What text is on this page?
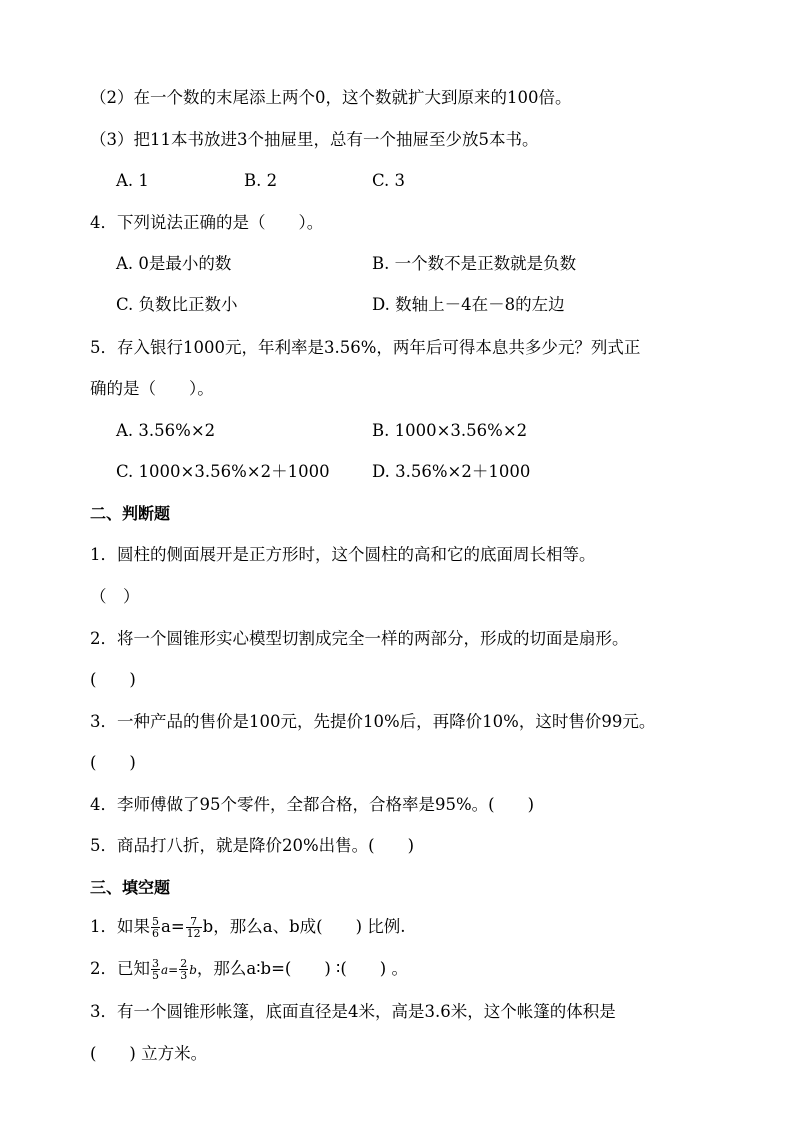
（2）在一个数的末尾添上两个0，这个数就扩大到原来的100倍。
（3）把11本书放进3个抽屉里，总有一个抽屉至少放5本书。
A. 1	B. 2	C. 3
4．下列说法正确的是（　　）。
A. 0是最小的数	B. 一个数不是正数就是负数
C. 负数比正数小	D. 数轴上－4在－8的左边
5．存入银行1000元，年利率是3.56%，两年后可得本息共多少元？列式正
确的是（　　）。
A. 3.56%×2	B. 1000×3.56%×2
C. 1000×3.56%×2＋1000	D. 3.56%×2＋1000
二、判断题
1．圆柱的侧面展开是正方形时，这个圆柱的高和它的底面周长相等。
（　）
2．将一个圆锥形实心模型切割成完全一样的两部分，形成的切面是扇形。
(　　)
3．一种产品的售价是100元，先提价10%后，再降价10%，这时售价99元。
(　　)
4．李师傅做了95个零件，全都合格，合格率是95%。(　　)
5．商品打八折，就是降价20%出售。(　　)
三、填空题
1．如果 $\frac{5}{6} a= \frac{7}{12}$ b，那么a、b成(　　) 比例.
2．已知 $\frac{3}{5} a= \frac{2}{3}$ b，那么a∶b=(　　) ∶(　　) 。
3．有一个圆锥形帐篷，底面直径是4米，高是3.6米，这个帐篷的体积是
(　　) 立方米。
